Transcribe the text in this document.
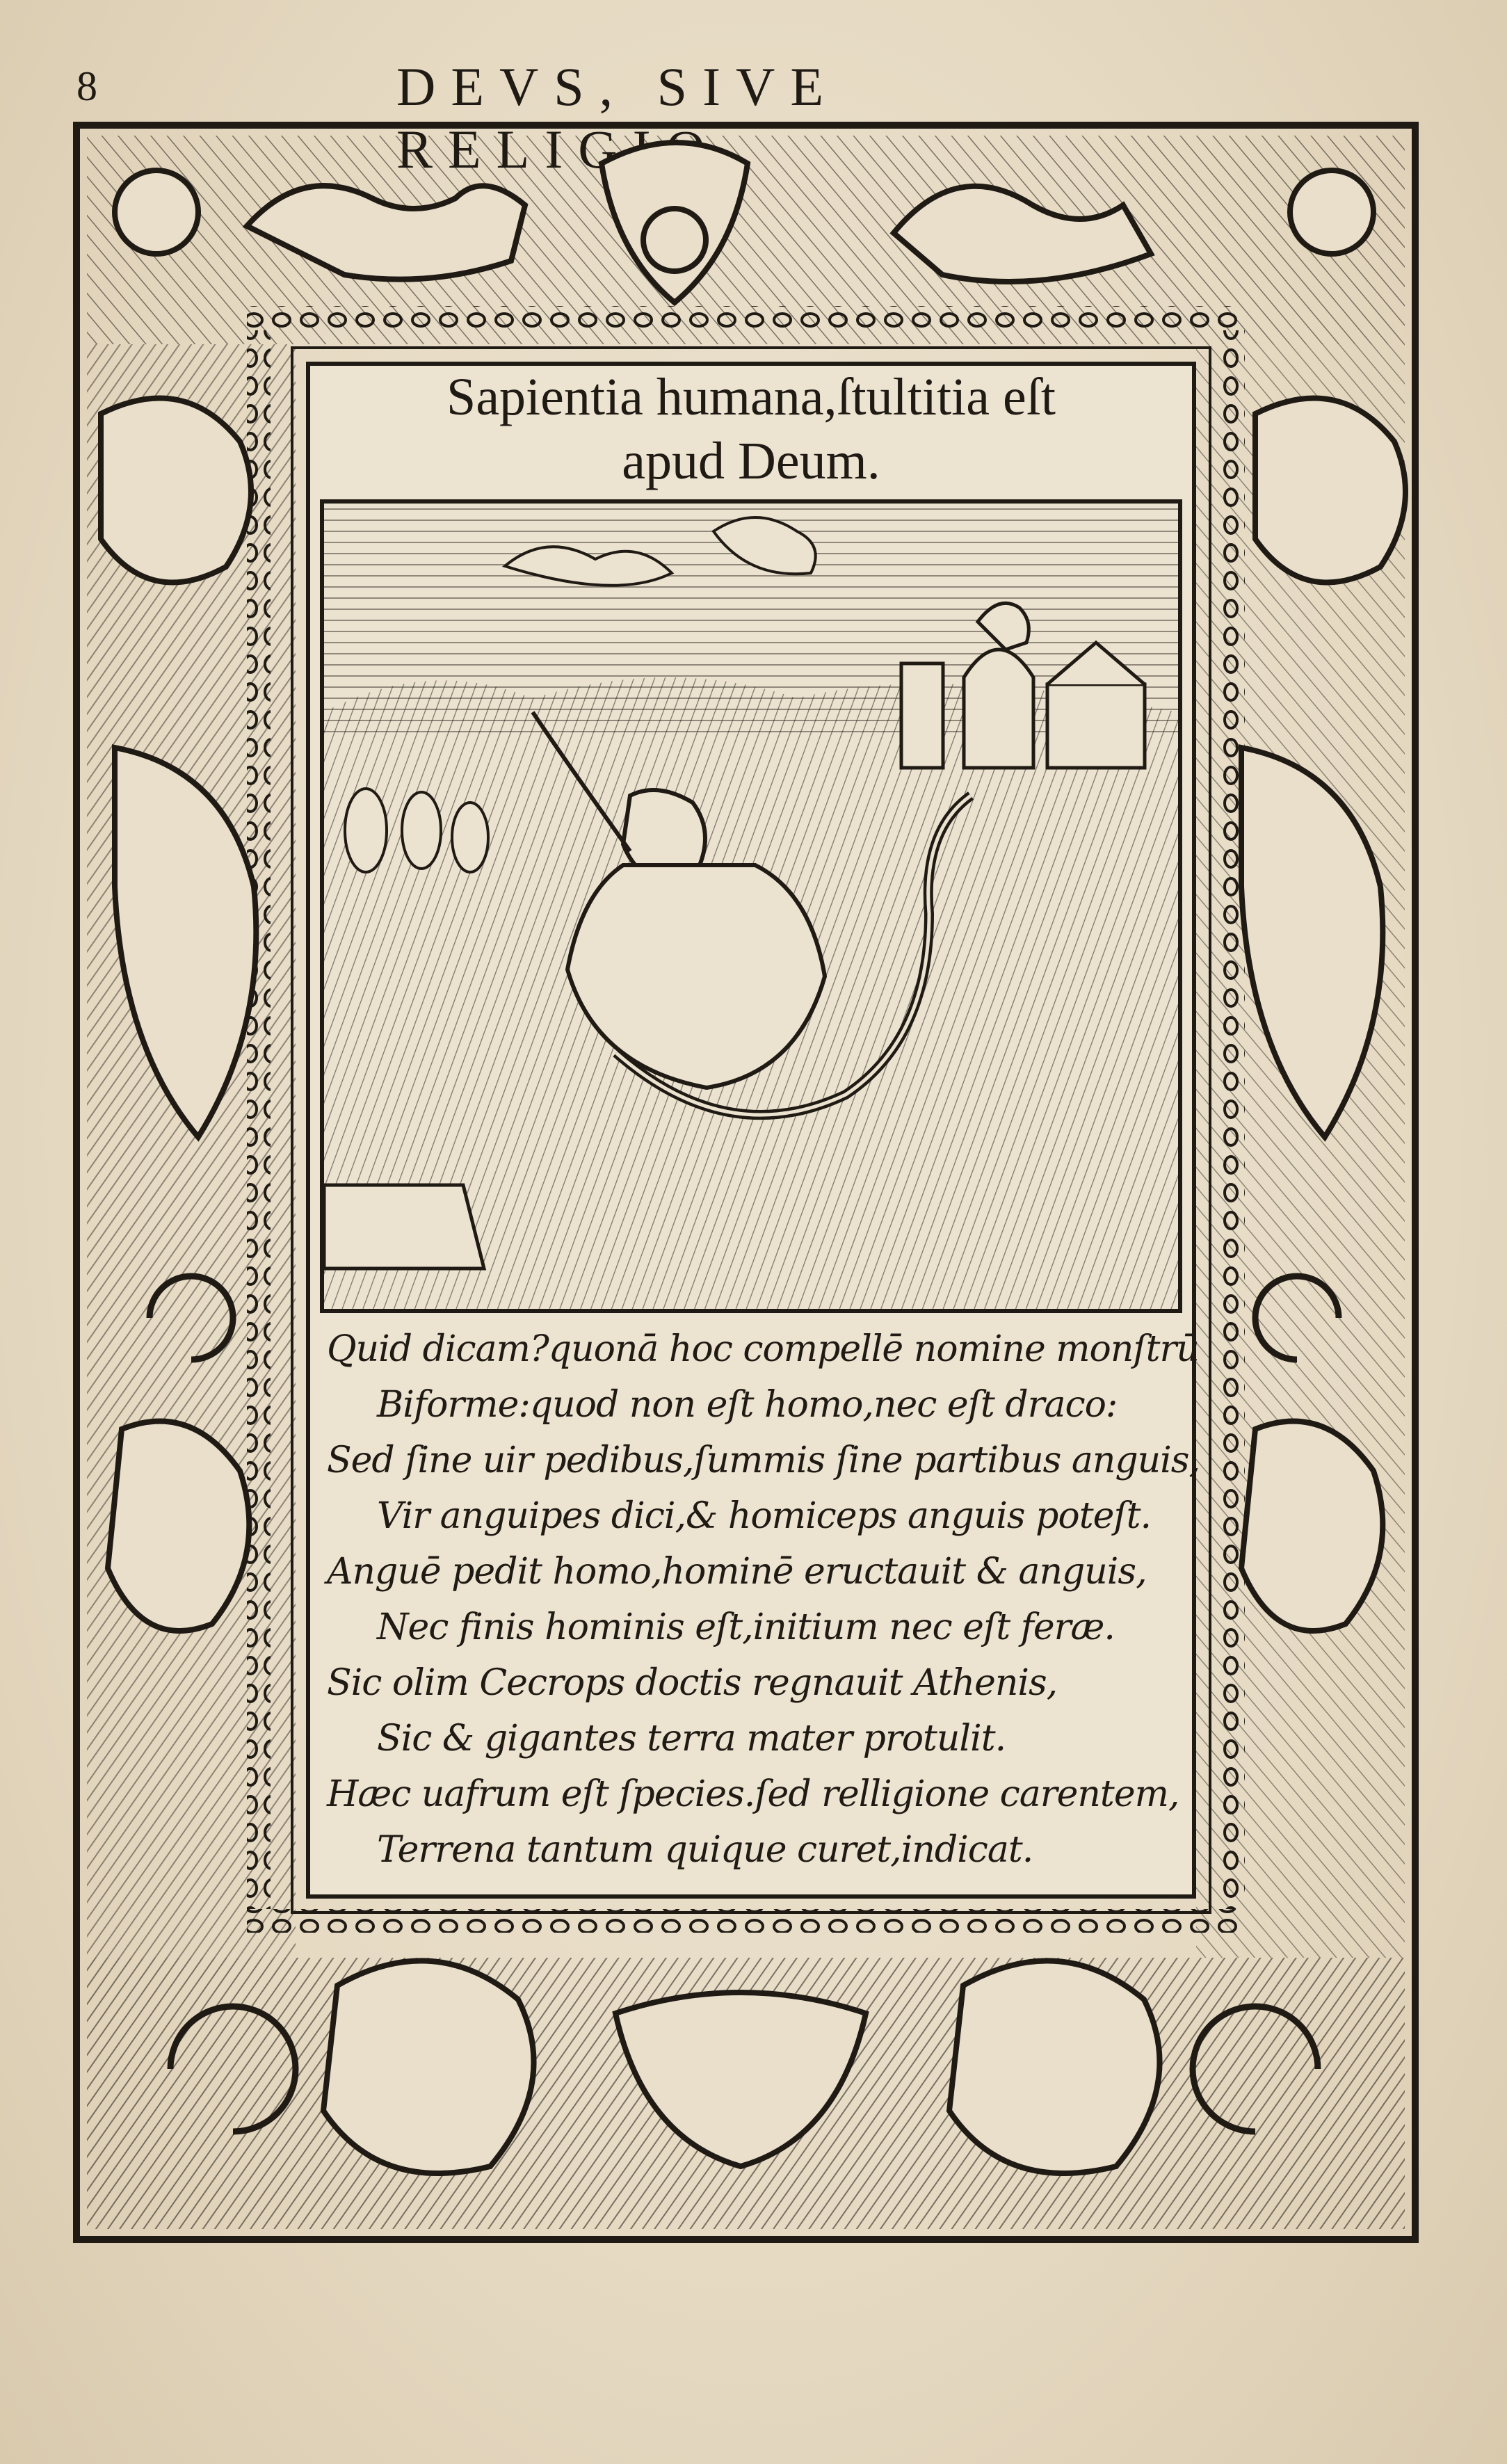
8	DEVS, SIVE
Sapientia humana,ſtultitia eſt
apud Deum.
Quid dicam?quonā hoc compellē nomine monſtrū
Biforme:quod non eſt homo,nec eſt draco:
Sed ſine uir pedibus,ſummis ſine partibus anguis,
Vir anguipes dici,& homiceps anguis poteſt.
Anguē pedit homo,hominē eructauit & anguis,
Nec finis hominis eſt,initium nec eſt feræ.
Sic olim Cecrops doctis regnauit Athenis,
Sic & gigantes terra mater protulit.
Hæc uafrum eſt ſpecies.ſed relligione carentem,
Terrena tantum quique curet,indicat.
